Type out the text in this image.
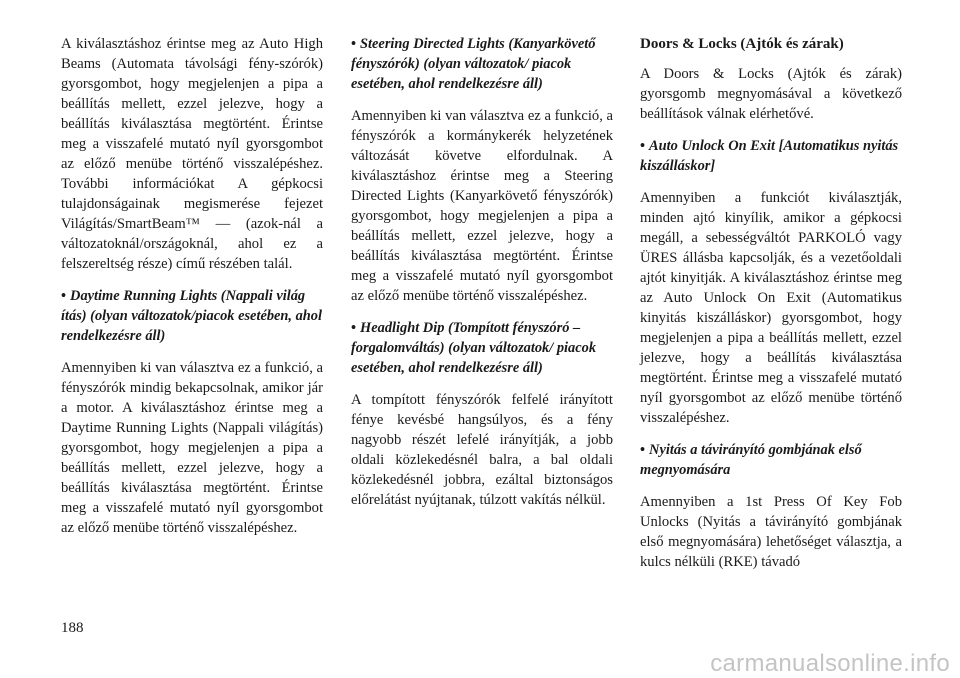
A kiválasztáshoz érintse meg az Auto High Beams (Automata távolsági fény-szórók) gyorsgombot, hogy megjelenjen a pipa a beállítás mellett, ezzel jelezve, hogy a beállítás kiválasztása megtörtént. Érintse meg a visszafelé mutató nyíl gyorsgombot az előző menübe történő visszalépéshez. További információkat A gépkocsi tulajdonságainak megismerése fejezet Világítás/SmartBeam™ — (azok-nál a változatoknál/országoknál, ahol ez a felszereltség része) című részében talál.

• Daytime Running Lights (Nappali világ ítás) (olyan változatok/piacok esetében, ahol rendelkezésre áll)

Amennyiben ki van választva ez a funkció, a fényszórók mindig bekapcsolnak, amikor jár a motor. A kiválasztáshoz érintse meg a Daytime Running Lights (Nappali világítás) gyorsgombot, hogy megjelenjen a pipa a beállítás mellett, ezzel jelezve, hogy a beállítás kiválasztása megtörtént. Érintse meg a visszafelé mutató nyíl gyorsgombot az előző menübe történő visszalépéshez.

• Steering Directed Lights (Kanyarkövető fényszórók) (olyan változatok/ piacok esetében, ahol rendelkezésre áll)

Amennyiben ki van választva ez a funkció, a fényszórók a kormánykerék helyzetének változását követve elfordulnak. A kiválasztáshoz érintse meg a Steering Directed Lights (Kanyarkövető fényszórók) gyorsgombot, hogy megjelenjen a pipa a beállítás mellett, ezzel jelezve, hogy a beállítás kiválasztása megtörtént. Érintse meg a visszafelé mutató nyíl gyorsgombot az előző menübe történő visszalépéshez.

• Headlight Dip (Tompított fényszóró – forgalomváltás) (olyan változatok/ piacok esetében, ahol rendelkezésre áll)

A tompított fényszórók felfelé irányított fénye kevésbé hangsúlyos, és a fény nagyobb részét lefelé irányítják, a jobb oldali közlekedésnél balra, a bal oldali közlekedésnél jobbra, ezáltal biztonságos előrelátást nyújtanak, túlzott vakítás nélkül.

Doors & Locks (Ajtók és zárak)

A Doors & Locks (Ajtók és zárak) gyorsgomb megnyomásával a következő beállítások válnak elérhetővé.

• Auto Unlock On Exit [Automatikus nyitás kiszálláskor]

Amennyiben a funkciót kiválasztják, minden ajtó kinyílik, amikor a gépkocsi megáll, a sebességváltót PARKOLÓ vagy ÜRES állásba kapcsolják, és a vezetőoldali ajtót kinyitják. A kiválasztáshoz érintse meg az Auto Unlock On Exit (Automatikus kinyitás kiszálláskor) gyorsgombot, hogy megjelenjen a pipa a beállítás mellett, ezzel jelezve, hogy a beállítás kiválasztása megtörtént. Érintse meg a visszafelé mutató nyíl gyorsgombot az előző menübe történő visszalépéshez.

• Nyitás a távirányító gombjának első megnyomására

Amennyiben a 1st Press Of Key Fob Unlocks (Nyitás a távirányító gombjának első megnyomására) lehetőséget választja, a kulcs nélküli (RKE) távadó

188
carmanualsonline.info
